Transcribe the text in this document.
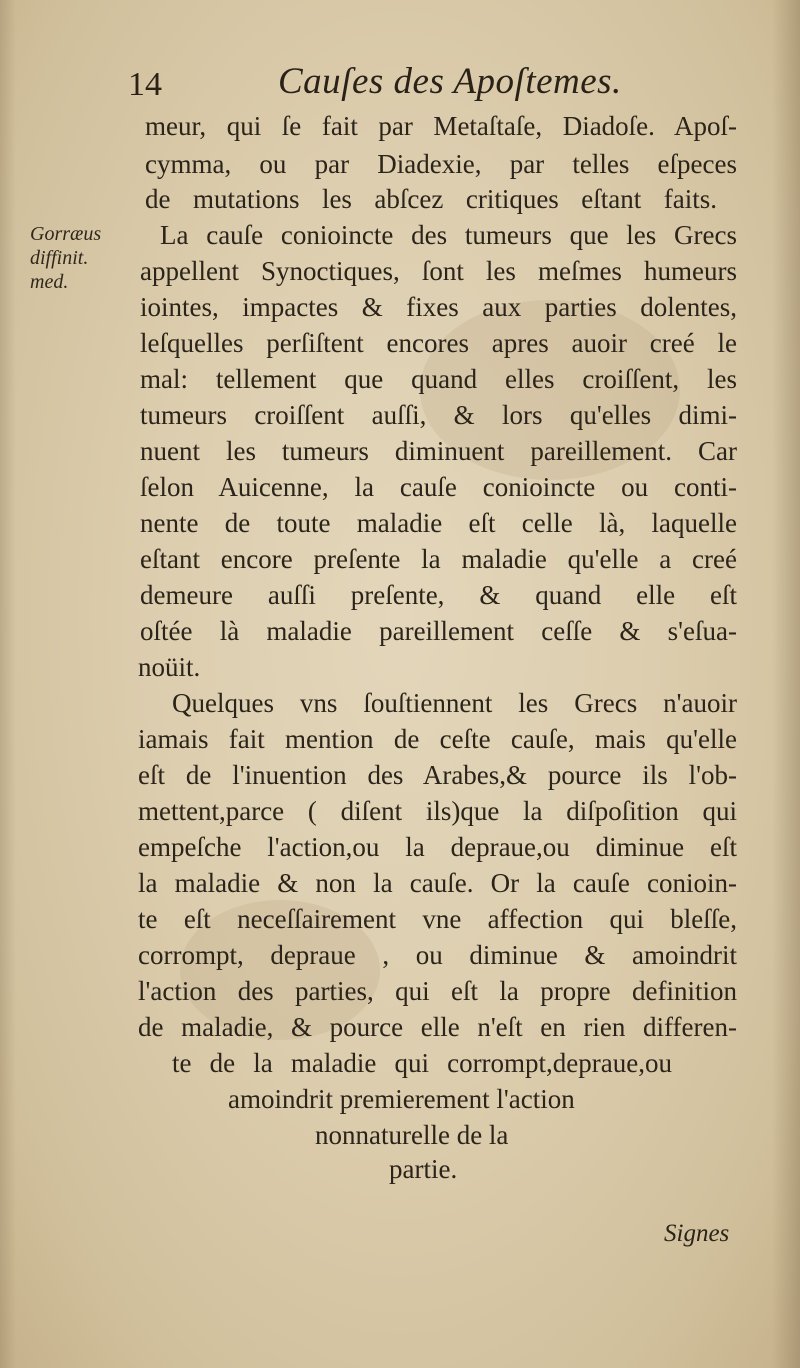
14	Cauſes des Apoſtemes.
Gorræus
diffinit.
med.
meur, qui ſe fait par Metaſtaſe, Diadoſe. Apoſ-
cymma, ou par Diadexie, par telles eſpeces
de mutations les abſcez critiques eſtant faits.
La cauſe conioincte des tumeurs que les Grecs
appellent Synoctiques, ſont les meſmes humeurs
iointes, impactes & fixes aux parties dolentes,
leſquelles perſiſtent encores apres auoir creé le
mal: tellement que quand elles croiſſent, les
tumeurs croiſſent auſſi, & lors qu'elles dimi-
nuent les tumeurs diminuent pareillement. Car
ſelon Auicenne, la cauſe conioincte ou conti-
nente de toute maladie eſt celle là, laquelle
eſtant encore preſente la maladie qu'elle a creé
demeure auſſi preſente, & quand elle eſt
oſtée là maladie pareillement ceſſe & s'eſua-
noüit.
Quelques vns ſouſtiennent les Grecs n'auoir
iamais fait mention de ceſte cauſe, mais qu'elle
eſt de l'inuention des Arabes,& pource ils l'ob-
mettent,parce ( diſent ils)que la diſpoſition qui
empeſche l'action,ou la depraue,ou diminue eſt
la maladie & non la cauſe. Or la cauſe conioin-
te eſt neceſſairement vne affection qui bleſſe,
corrompt, depraue , ou diminue & amoindrit
l'action des parties, qui eſt la propre definition
de maladie, & pource elle n'eſt en rien differen-
te de la maladie qui corrompt,depraue,ou
amoindrit premierement l'action
nonnaturelle de la
partie.
Signes
